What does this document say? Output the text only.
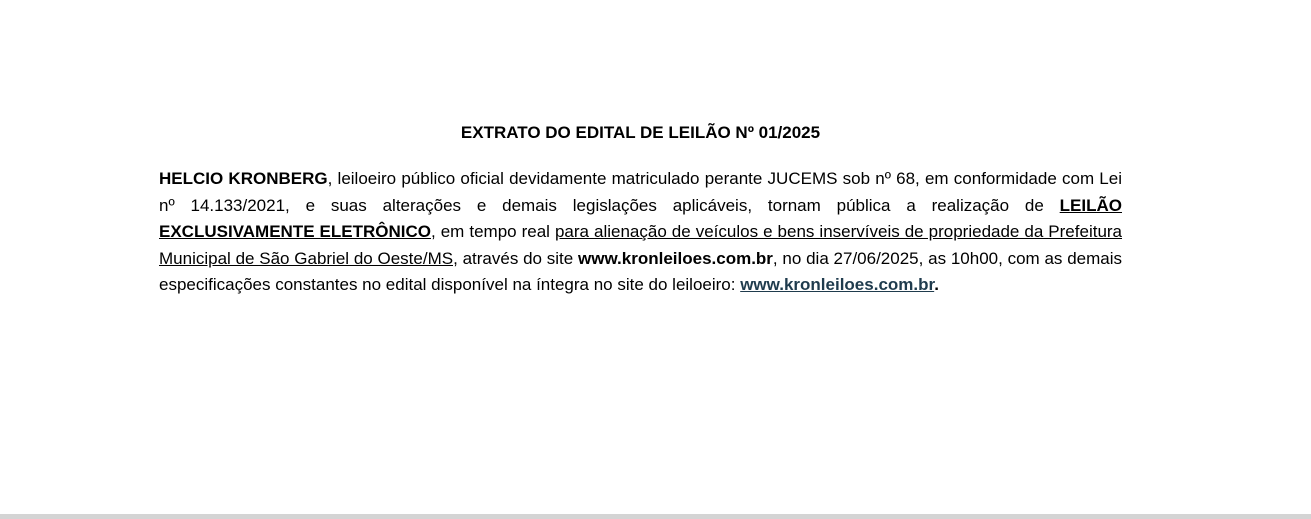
EXTRATO DO EDITAL DE LEILÃO Nº 01/2025

HELCIO KRONBERG, leiloeiro público oficial devidamente matriculado perante JUCEMS sob nº 68, em conformidade com Lei nº 14.133/2021, e suas alterações e demais legislações aplicáveis, tornam pública a realização de LEILÃO EXCLUSIVAMENTE ELETRÔNICO, em tempo real para alienação de veículos e bens inservíveis de propriedade da Prefeitura Municipal de São Gabriel do Oeste/MS, através do site www.kronleiloes.com.br, no dia 27/06/2025, as 10h00, com as demais especificações constantes no edital disponível na íntegra no site do leiloeiro: www.kronleiloes.com.br.
